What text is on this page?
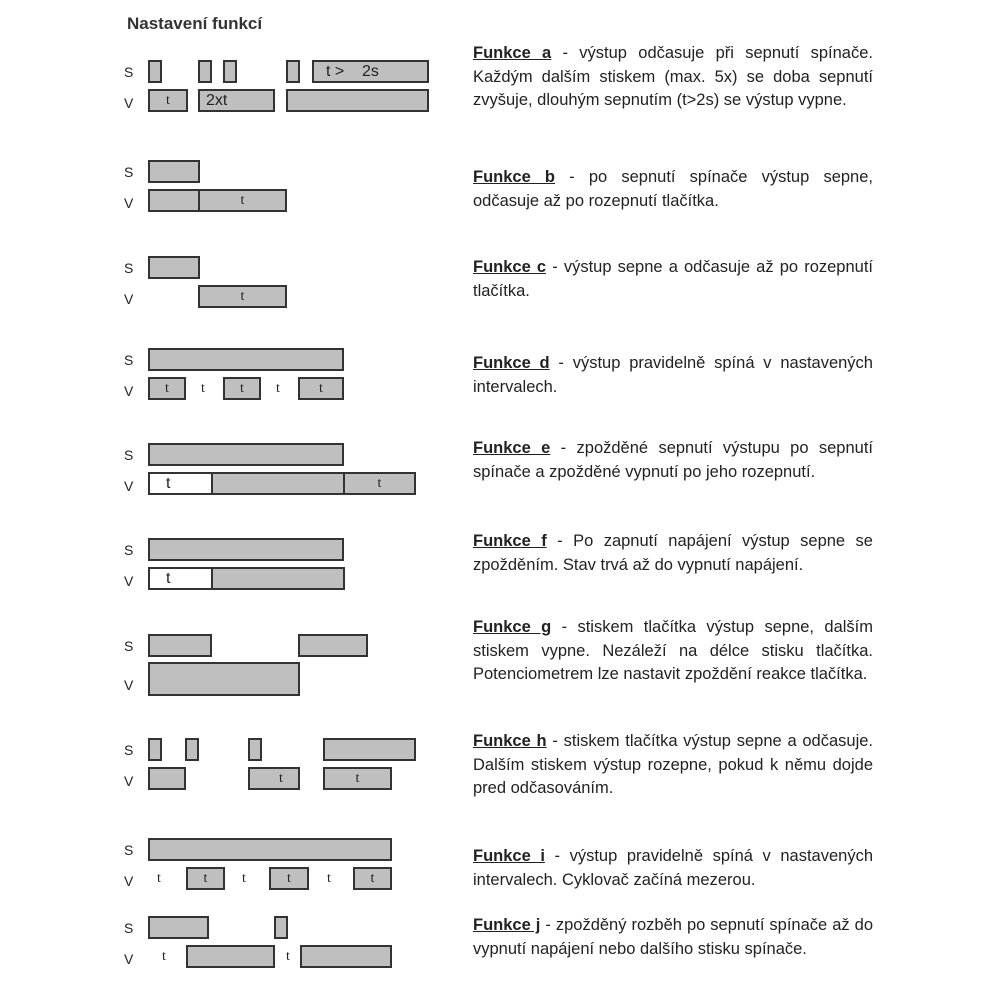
Nastavení funkcí
S
V
t >    2s
t	2xt
Funkce a - výstup odčasuje při sepnutí spínače. Každým dalším stiskem (max. 5x) se doba sepnutí zvyšuje, dlouhým sepnutím (t>2s) se výstup vypne.
S
V	t
Funkce b - po sepnutí spínače výstup sepne, odčasuje až po rozepnutí tlačítka.
S
V	t
Funkce c - výstup sepne a odčasuje až po rozepnutí tlačítka.
S
V	t	t	t	t	t
Funkce d - výstup pravidelně spíná v nastavených intervalech.
S
V t	t
Funkce e - zpožděné sepnutí výstupu po sepnutí spínače a zpožděné vypnutí po jeho rozepnutí.
S
V t
Funkce f - Po zapnutí napájení výstup sepne se zpožděním. Stav trvá až do vypnutí napájení.
S
V
Funkce g - stiskem tlačítka výstup sepne, dalším stiskem vypne. Nezáleží na délce stisku tlačítka. Potenciometrem lze nastavit zpoždění reakce tlačítka.
S
V	t	t
Funkce h - stiskem tlačítka výstup sepne a odčasuje. Dalším stiskem výstup rozepne, pokud k němu dojde pred odčasováním.
S
V t	t	t	t	t	t
Funkce i - výstup pravidelně spíná v nastavených intervalech. Cyklovač začíná mezerou.
S
V t	t
Funkce j - zpožděný rozběh po sepnutí spínače až do vypnutí napájení nebo dalšího stisku spínače.
